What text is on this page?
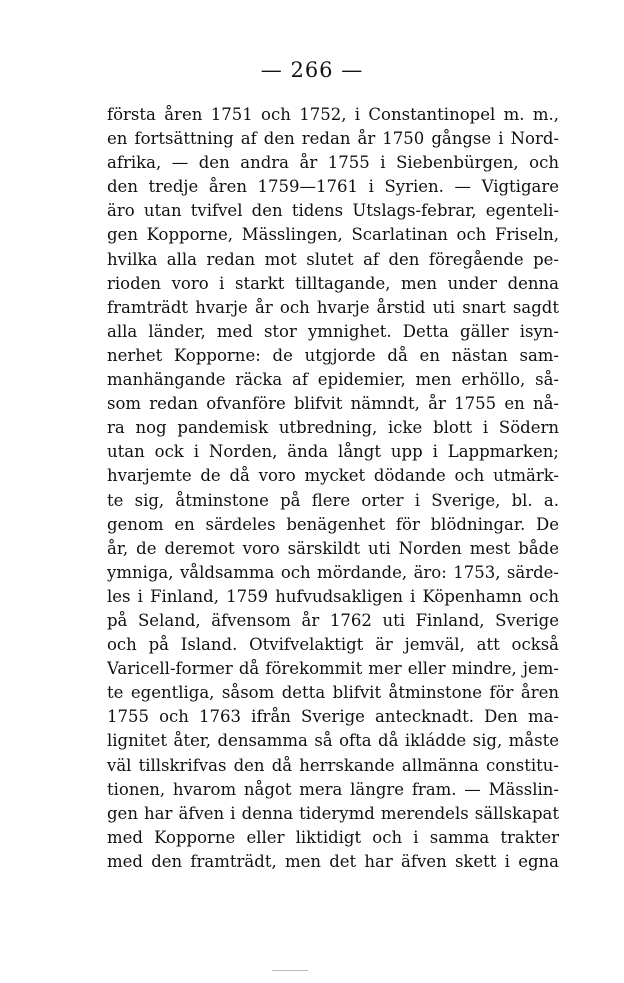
— 266 —
första åren 1751 och 1752, i Constantinopel m. m.,
en fortsättning af den redan år 1750 gångse i Nord-
afrika, — den andra år 1755 i Siebenbürgen, och
den tredje åren 1759—1761 i Syrien. — Vigtigare
äro utan tvifvel den tidens Utslags-febrar, egenteli-
gen Kopporne, Mässlingen, Scarlatinan och Friseln,
hvilka alla redan mot slutet af den föregående pe-
rioden voro i starkt tilltagande, men under denna
framträdt hvarje år och hvarje årstid uti snart sagdt
alla länder, med stor ymnighet. Detta gäller isyn-
nerhet Kopporne: de utgjorde då en nästan sam-
manhängande räcka af epidemier, men erhöllo, så-
som redan ofvanföre blifvit nämndt, år 1755 en nå-
ra nog pandemisk utbredning, icke blott i Södern
utan ock i Norden, ända långt upp i Lappmarken;
hvarjemte de då voro mycket dödande och utmärk-
te sig, åtminstone på flere orter i Sverige, bl. a.
genom en särdeles benägenhet för blödningar. De
år, de deremot voro särskildt uti Norden mest både
ymniga, våldsamma och mördande, äro: 1753, särde-
les i Finland, 1759 hufvudsakligen i Köpenhamn och
på Seland, äfvensom år 1762 uti Finland, Sverige
och på Island. Otvifvelaktigt är jemväl, att också
Varicell-former då förekommit mer eller mindre, jem-
te egentliga, såsom detta blifvit åtminstone för åren
1755 och 1763 ifrån Sverige antecknadt. Den ma-
lignitet åter, densamma så ofta då ikládde sig, måste
väl tillskrifvas den då herrskande allmänna constitu-
tionen, hvarom något mera längre fram. — Mässlin-
gen har äfven i denna tiderymd merendels sällskapat
med Kopporne eller liktidigt och i samma trakter
med den framträdt, men det har äfven skett i egna
